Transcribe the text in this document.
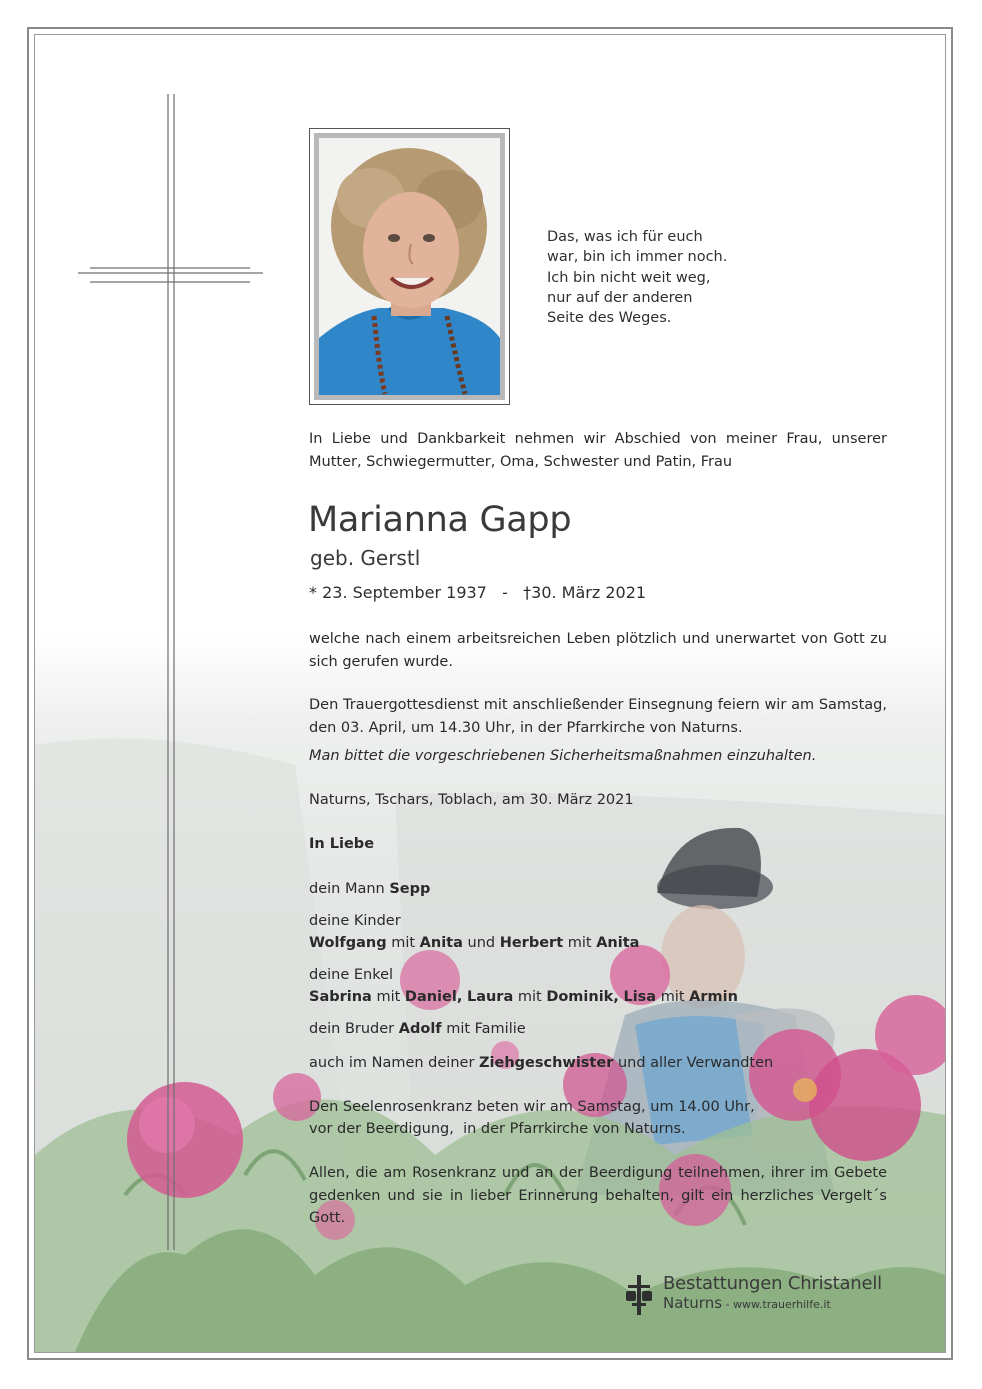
Das, was ich für euch
war, bin ich immer noch.
Ich bin nicht weit weg,
nur auf der anderen
Seite des Weges.
In Liebe und Dankbarkeit nehmen wir Abschied von meiner Frau, unserer Mutter, Schwiegermutter, Oma, Schwester und Patin, Frau
Marianna Gapp
geb. Gerstl
* 23. September 1937   -   †30. März 2021
welche nach einem arbeitsreichen Leben plötzlich und unerwartet von Gott zu sich gerufen wurde.
Den Trauergottesdienst mit anschließender Einsegnung feiern wir am Samstag, den 03. April, um 14.30 Uhr, in der Pfarrkirche von Naturns.
Man bittet die vorgeschriebenen Sicherheitsmaßnahmen einzuhalten.
Naturns, Tschars, Toblach, am 30. März 2021
In Liebe
dein Mann Sepp
deine Kinder
Wolfgang mit Anita und Herbert mit Anita
deine Enkel
Sabrina mit Daniel, Laura mit Dominik, Lisa mit Armin
dein Bruder Adolf mit Familie
auch im Namen deiner Ziehgeschwister und aller Verwandten
Den Seelenrosenkranz beten wir am Samstag, um 14.00 Uhr,
vor der Beerdigung,  in der Pfarrkirche von Naturns.
Allen, die am Rosenkranz und an der Beerdigung teilnehmen, ihrer im Gebete gedenken und sie in lieber Erinnerung behalten, gilt ein herzliches Vergelt´s Gott.
Bestattungen Christanell
Naturns - www.trauerhilfe.it
